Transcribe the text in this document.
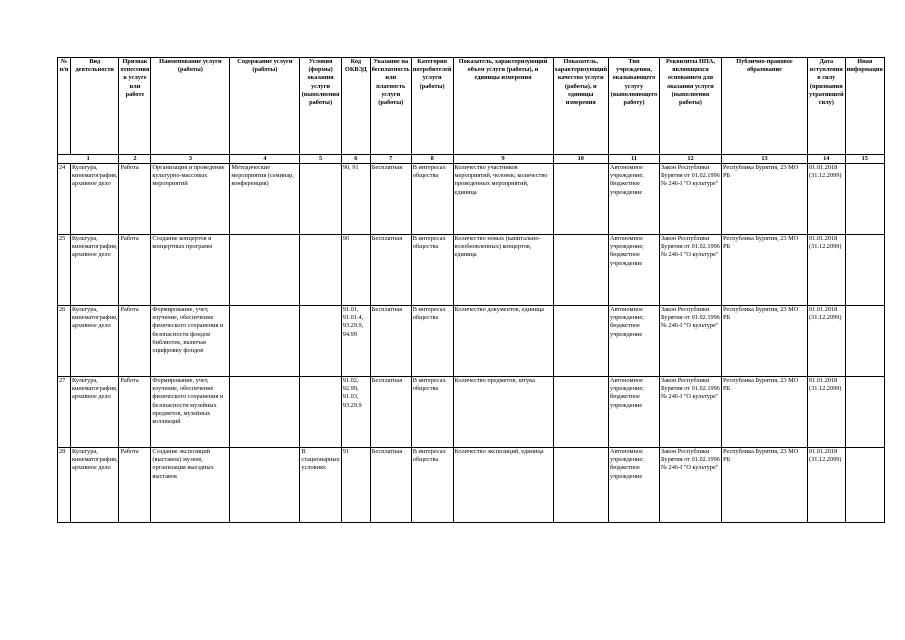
№ п/п	Вид деятельности	Признак отнесения к услуге или работе	Наименование услуги (работы)	Содержание услуги (работы)	Условия (формы) оказания услуги (выполнения работы)	Код ОКВЭД	Указание на бесплатность или платность услуги (работы)	Категория потребителей услуги (работы)	Показатель, характеризующий объем услуги (работы), и единицы измерения	Показатель, характеризующий качество услуги (работы), и единицы измерения	Тип учреждения, оказывающего услугу (выполняющего работу)	Реквизиты НПА, являющихся основанием для оказания услуги (выполнения работы)	Публично-правовое образование	Дата вступления в силу (признания утратившей силу)	Иная информация
1		2	3	4	5	6	7	8	9	10	11	12	13	14	15
24	Культура, кинематография, архивное дело	Работа	Организация и проведение культурно-массовых мероприятий	Методические мероприятия (семинар, конференция)		90, 91	Бесплатная	В интересах общества	Количество участников мероприятий, человек; количество проведенных мероприятий, единица		Автономное учреждение; бюджетное учреждение	Закон Республики Бурятия от 01.02.1996 № 246-I "О культуре"	Республика Бурятия, 23 МО РБ	01.01.2018 (31.12.2099)	
25	Культура, кинематография, архивное дело	Работа	Создание концертов и концертных программ			90	Бесплатная	В интересах общества	Количество новых (капитально-возобновленных) концертов, единица		Автономное учреждение; бюджетное учреждение	Закон Республики Бурятия от 01.02.1996 № 246-I "О культуре"	Республика Бурятия, 23 МО РБ	01.01.2018 (31.12.2099)	
26	Культура, кинематография, архивное дело	Работа	Формирование, учет, изучение, обеспечение физического сохранения и безопасности фондов библиотек, включая оцифровку фондов			91.01, 91.01.4, 93.29.9, 94.99	Бесплатная	В интересах общества	Количество документов, единица		Автономное учреждение; бюджетное учреждение	Закон Республики Бурятия от 01.02.1996 № 246-I "О культуре"	Республика Бурятия, 23 МО РБ	01.01.2018 (31.12.2099)	
27	Культура, кинематография, архивное дело	Работа	Формирование, учет, изучение, обеспечение физического сохранения и безопасности музейных предметов, музейных коллекций			91.02, 92.99, 91.03, 93.29.9	Бесплатная	В интересах общества	Количество предметов, штука		Автономное учреждение; бюджетное учреждение	Закон Республики Бурятия от 01.02.1996 № 246-I "О культуре"	Республика Бурятия, 23 МО РБ	01.01.2018 (31.12.2099)	
28	Культура, кинематография, архивное дело	Работа	Создание экспозиций (выставок) музеев, организация выездных выставок		В стационарных условиях	91	Бесплатная	В интересах общества	Количество экспозиций, единица		Автономное учреждение; бюджетное учреждение	Закон Республики Бурятия от 01.02.1996 № 246-I "О культуре"	Республика Бурятия, 23 МО РБ	01.01.2018 (31.12.2099)	
